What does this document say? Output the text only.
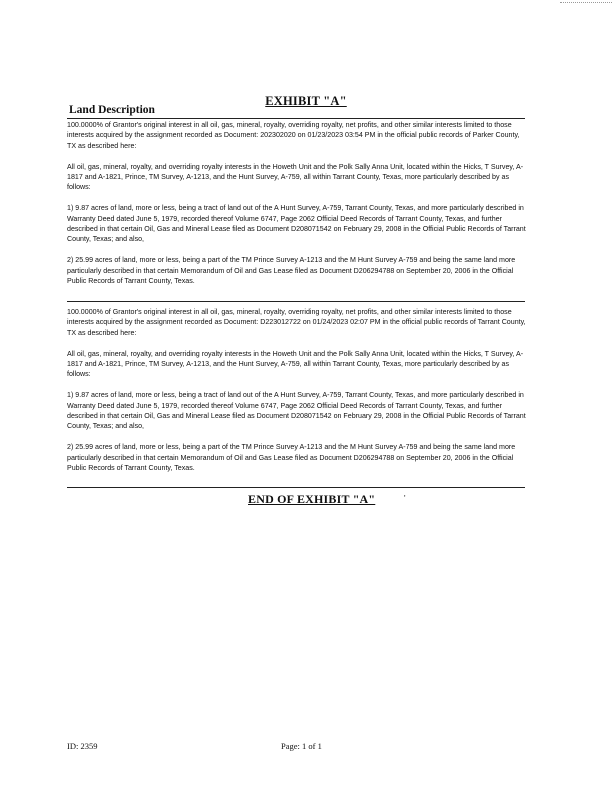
EXHIBIT "A"
Land Description

100.0000% of Grantor's original interest in all oil, gas, mineral, royalty, overriding royalty, net profits, and other similar interests limited to those interests acquired by the assignment recorded as Document: 202302020 on 01/23/2023 03:54 PM in the official public records of Parker County, TX as described here:

All oil, gas, mineral, royalty, and overriding royalty interests in the Howeth Unit and the Polk Sally Anna Unit, located within the Hicks, T Survey, A-1817 and A-1821, Prince, TM Survey, A-1213, and the Hunt Survey, A-759, all within Tarrant County, Texas, more particularly described by as follows:

1) 9.87 acres of land, more or less, being a tract of land out of the A Hunt Survey, A-759, Tarrant County, Texas, and more particularly described in Warranty Deed dated June 5, 1979, recorded thereof Volume 6747, Page 2062 Official Deed Records of Tarrant County, Texas, and further described in that certain Oil, Gas and Mineral Lease filed as Document D208071542 on February 29, 2008 in the Official Public Records of Tarrant County, Texas; and also,

2) 25.99 acres of land, more or less, being a part of the TM Prince Survey A-1213 and the M Hunt Survey A-759 and being the same land more particularly described in that certain Memorandum of Oil and Gas Lease filed as Document D206294788 on September 20, 2006 in the Official Public Records of Tarrant County, Texas.

100.0000% of Grantor's original interest in all oil, gas, mineral, royalty, overriding royalty, net profits, and other similar interests limited to those interests acquired by the assignment recorded as Document: D223012722 on 01/24/2023 02:07 PM in the official public records of Tarrant County, TX as described here:

All oil, gas, mineral, royalty, and overriding royalty interests in the Howeth Unit and the Polk Sally Anna Unit, located within the Hicks, T Survey, A-1817 and A-1821, Prince, TM Survey, A-1213, and the Hunt Survey, A-759, all within Tarrant County, Texas, more particularly described by as follows:

1) 9.87 acres of land, more or less, being a tract of land out of the A Hunt Survey, A-759, Tarrant County, Texas, and more particularly described in Warranty Deed dated June 5, 1979, recorded thereof Volume 6747, Page 2062 Official Deed Records of Tarrant County, Texas, and further described in that certain Oil, Gas and Mineral Lease filed as Document D208071542 on February 29, 2008 in the Official Public Records of Tarrant County, Texas; and also,

2) 25.99 acres of land, more or less, being a part of the TM Prince Survey A-1213 and the M Hunt Survey A-759 and being the same land more particularly described in that certain Memorandum of Oil and Gas Lease filed as Document D206294788 on September 20, 2006 in the Official Public Records of Tarrant County, Texas.

END OF EXHIBIT "A"	'
ID: 2359	Page: 1 of 1
